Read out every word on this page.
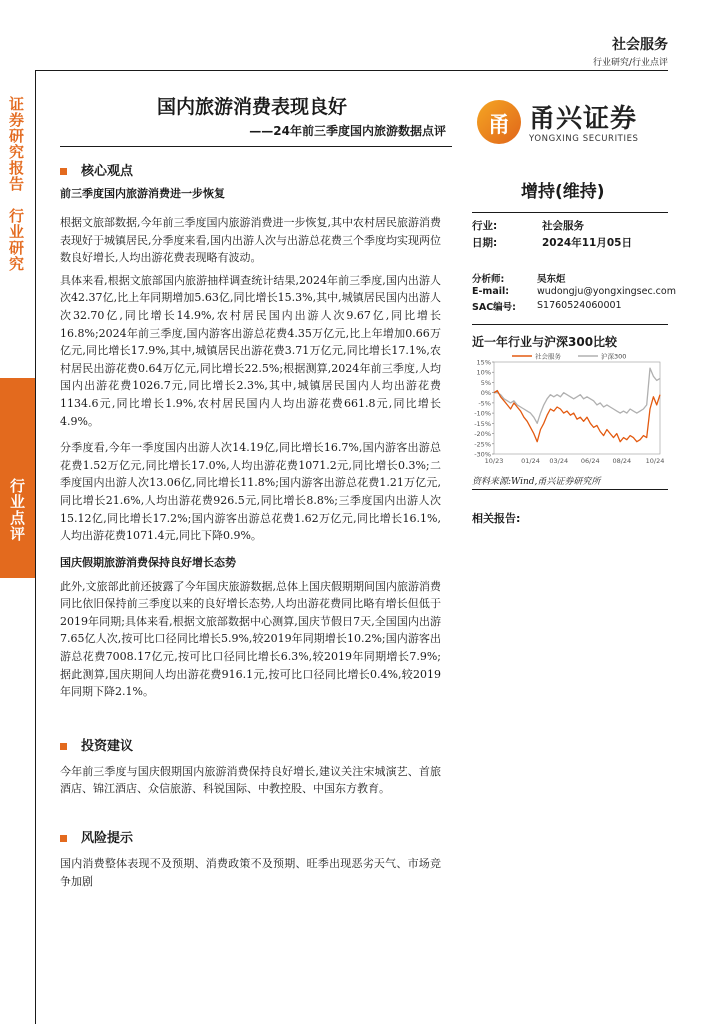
社会服务
行业研究/行业点评
证券研究报告
行业研究
行业点评
国内旅游消费表现良好
——24年前三季度国内旅游数据点评	甬 甬兴证券
YONGXING SECURITIES
增持(维持)
行业:	社会服务
日期:	2024年11月05日
分析师:	吴东炬
E-mail:	wudongju@yongxingsec.com
SAC编号:	S1760524060001
近一年行业与沪深300比较
15%
10%
5%
0%
-5%
-10%
-15%
-20%
-25%
-30%
10/23	01/24 03/24 06/24 08/24 10/24
社会服务	沪深300
资料来源:Wind,甬兴证券研究所
相关报告:
核心观点
前三季度国内旅游消费进一步恢复

根据文旅部数据,今年前三季度国内旅游消费进一步恢复,其中农村居民旅游消费表现好于城镇居民,分季度来看,国内出游人次与出游总花费三个季度均实现两位数良好增长,人均出游花费表现略有波动。

具体来看,根据文旅部国内旅游抽样调查统计结果,2024年前三季度,国内出游人次42.37亿,比上年同期增加5.63亿,同比增长15.3%,其中,城镇居民国内出游人次32.70亿,同比增长14.9%,农村居民国内出游人次9.67亿,同比增长16.8%;2024年前三季度,国内游客出游总花费4.35万亿元,比上年增加0.66万亿元,同比增长17.9%,其中,城镇居民出游花费3.71万亿元,同比增长17.1%,农村居民出游花费0.64万亿元,同比增长22.5%;根据测算,2024年前三季度,人均国内出游花费1026.7元,同比增长2.3%,其中,城镇居民国内人均出游花费1134.6元,同比增长1.9%,农村居民国内人均出游花费661.8元,同比增长4.9%。

分季度看,今年一季度国内出游人次14.19亿,同比增长16.7%,国内游客出游总花费1.52万亿元,同比增长17.0%,人均出游花费1071.2元,同比增长0.3%;二季度国内出游人次13.06亿,同比增长11.8%;国内游客出游总花费1.21万亿元,同比增长21.6%,人均出游花费926.5元,同比增长8.8%;三季度国内出游人次15.12亿,同比增长17.2%;国内游客出游总花费1.62万亿元,同比增长16.1%,人均出游花费1071.4元,同比下降0.9%。

国庆假期旅游消费保持良好增长态势

此外,文旅部此前还披露了今年国庆旅游数据,总体上国庆假期期间国内旅游消费同比依旧保持前三季度以来的良好增长态势,人均出游花费同比略有增长但低于2019年同期;具体来看,根据文旅部数据中心测算,国庆节假日7天,全国国内出游7.65亿人次,按可比口径同比增长5.9%,较2019年同期增长10.2%;国内游客出游总花费7008.17亿元,按可比口径同比增长6.3%,较2019年同期增长7.9%;据此测算,国庆期间人均出游花费916.1元,按可比口径同比增长0.4%,较2019年同期下降2.1%。

投资建议

今年前三季度与国庆假期国内旅游消费保持良好增长,建议关注宋城演艺、首旅酒店、锦江酒店、众信旅游、科锐国际、中教控股、中国东方教育。

风险提示

国内消费整体表现不及预期、消费政策不及预期、旺季出现恶劣天气、市场竞争加剧
